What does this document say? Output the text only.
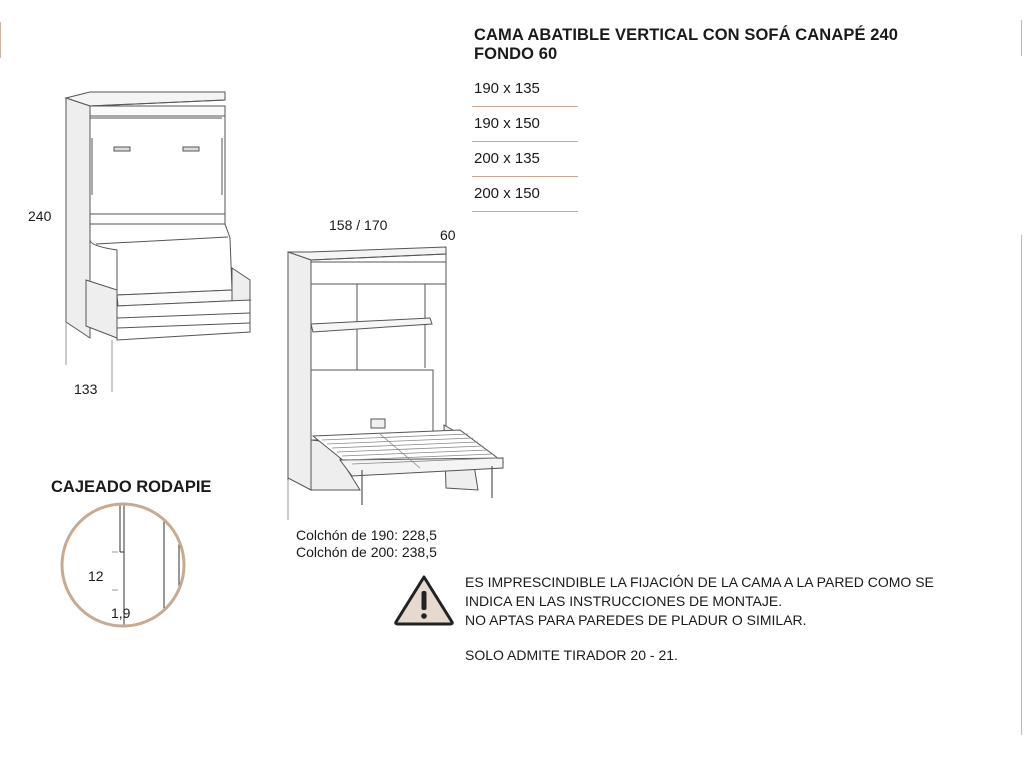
CAMA ABATIBLE VERTICAL CON SOFÁ CANAPÉ 240
FONDO 60
190 x 135
190 x 150
200 x 135
200 x 150
240
133
158 / 170
60
Colchón de 190: 228,5
Colchón de 200: 238,5
CAJEADO RODAPIE
12
1,9

ES IMPRESCINDIBLE LA FIJACIÓN DE LA CAMA A LA PARED COMO SE

INDICA EN LAS INSTRUCCIONES DE MONTAJE.

NO APTAS PARA PAREDES DE PLADUR O SIMILAR.

SOLO ADMITE TIRADOR 20 - 21.
